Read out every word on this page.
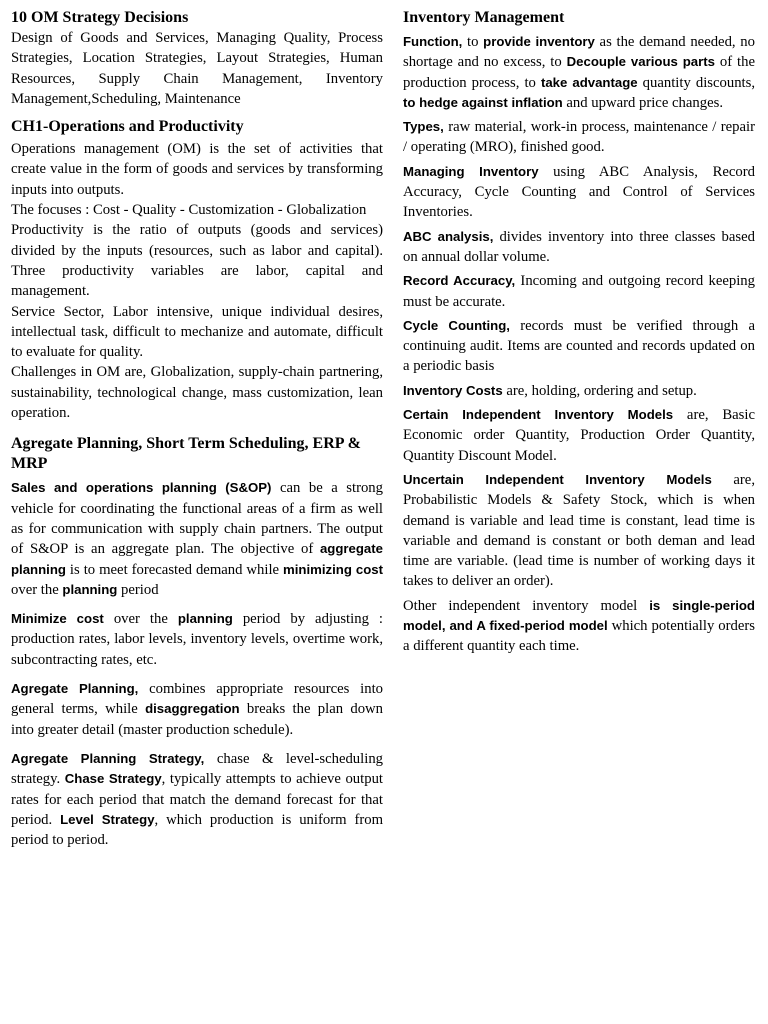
10 OM Strategy Decisions

Design of Goods and Services, Managing Quality, Process Strategies, Location Strategies, Layout Strategies, Human Resources, Supply Chain Management, Inventory Management,Scheduling, Maintenance

CH1-Operations and Productivity

Operations management (OM) is the set of activities that create value in the form of goods and services by transforming inputs into outputs.

The focuses : Cost - Quality - Customization - Globalization

Productivity is the ratio of outputs (goods and services) divided by the inputs (resources, such as labor and capital). Three productivity variables are labor, capital and management.

Service Sector, Labor intensive, unique individual desires, intellectual task, difficult to mechanize and automate, difficult to evaluate for quality.

Challenges in OM are, Globalization, supply-chain partnering, sustainability, technological change, mass customization, lean operation.

Agregate Planning, Short Term Scheduling, ERP & MRP

Sales and operations planning (S&OP) can be a strong vehicle for coordinating the functional areas of a firm as well as for communication with supply chain partners. The output of S&OP is an aggregate plan. The objective of aggregate planning is to meet forecasted demand while minimizing cost over the planning period

Minimize cost over the planning period by adjusting : production rates, labor levels, inventory levels, overtime work, subcontracting rates, etc.

Agregate Planning, combines appropriate resources into general terms, while disaggregation breaks the plan down into greater detail (master production schedule).

Agregate Planning Strategy, chase & level-scheduling strategy. Chase Strategy, typically attempts to achieve output rates for each period that match the demand forecast for that period. Level Strategy, which production is uniform from period to period.

Inventory Management

Function, to provide inventory as the demand needed, no shortage and no excess, to Decouple various parts of the production process, to take advantage quantity discounts, to hedge against inflation and upward price changes.

Types, raw material, work-in process, maintenance / repair / operating (MRO), finished good.

Managing Inventory using ABC Analysis, Record Accuracy, Cycle Counting and Control of Services Inventories.

ABC analysis, divides inventory into three classes based on annual dollar volume.

Record Accuracy, Incoming and outgoing record keeping must be accurate.

Cycle Counting, records must be verified through a continuing audit. Items are counted and records updated on a periodic basis

Inventory Costs are, holding, ordering and setup.

Certain Independent Inventory Models are, Basic Economic order Quantity, Production Order Quantity, Quantity Discount Model.

Uncertain Independent Inventory Models are, Probabilistic Models & Safety Stock, which is when demand is variable and lead time is constant, lead time is variable and demand is constant or both deman and lead time are variable. (lead time is number of working days it takes to deliver an order).

Other independent inventory model is single-period model, and A fixed-period model which potentially orders a different quantity each time.
